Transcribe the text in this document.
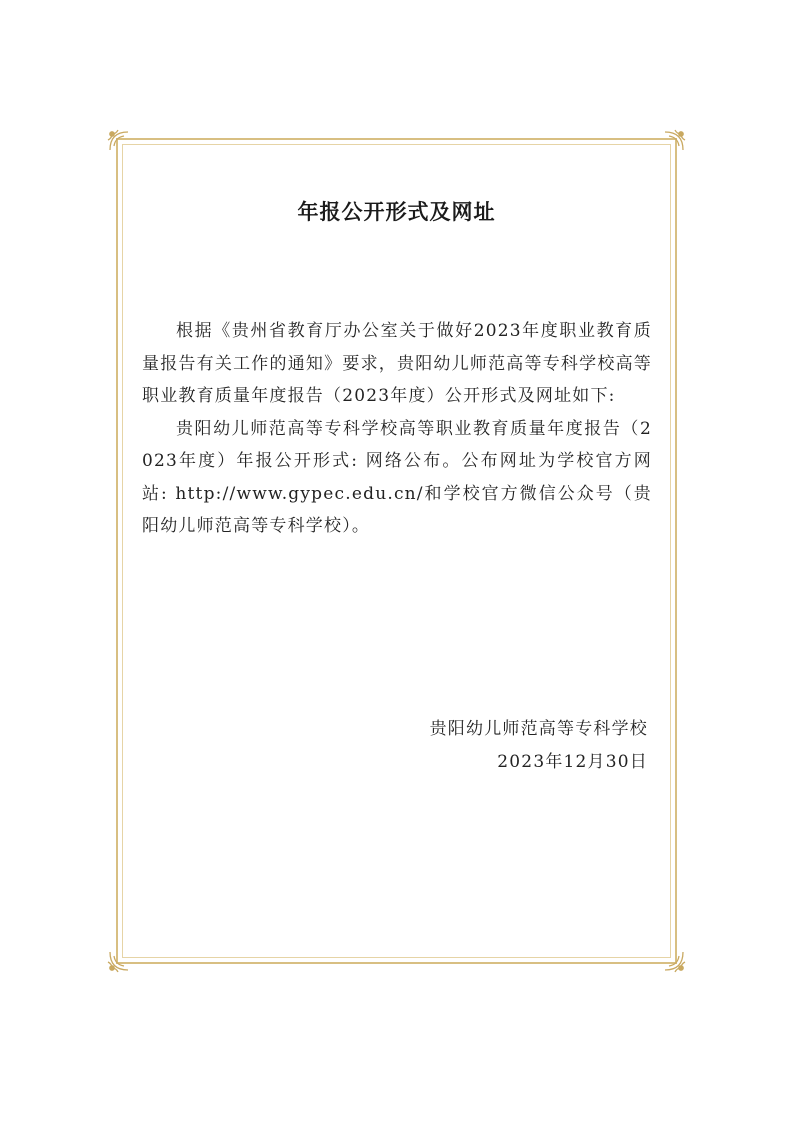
年报公开形式及网址

根据《贵州省教育厅办公室关于做好2023年度职业教育质量报告有关工作的通知》要求，贵阳幼儿师范高等专科学校高等职业教育质量年度报告（2023年度）公开形式及网址如下:

贵阳幼儿师范高等专科学校高等职业教育质量年度报告（2023年度）年报公开形式: 网络公布。公布网址为学校官方网站: http://www.gypec.edu.cn/和学校官方微信公众号（贵阳幼儿师范高等专科学校）。

贵阳幼儿师范高等专科学校
2023年12月30日
